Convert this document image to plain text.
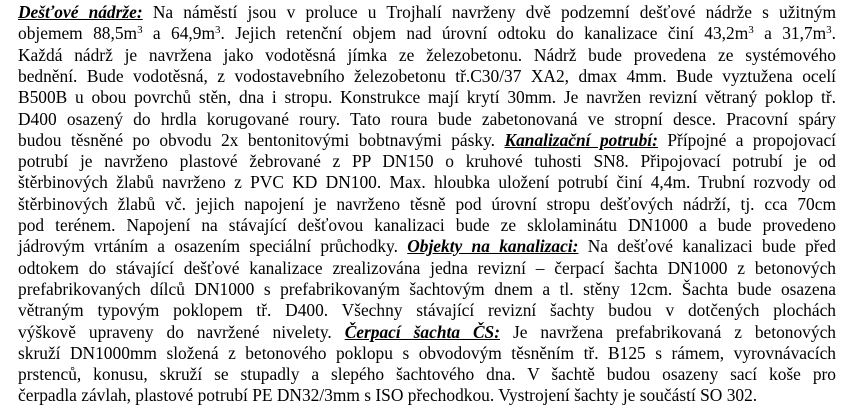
Dešťové nádrže: Na náměstí jsou v proluce u Trojhalí navrženy dvě podzemní dešťové nádrže s užitným
objemem $88,5m^3$ a $64,9m^3$. Jejich retenční objem nad úrovní odtoku do kanalizace činí $43,2m^3$ a $31,7m^3$.
Každá nádrž je navržena jako vodotěsná jímka ze železobetonu. Nádrž bude provedena ze systémového
bednění. Bude vodotěsná, z vodostavebního železobetonu tř.C30/37 XA2, dmax 4mm. Bude vyztužena ocelí
B500B u obou povrchů stěn, dna i stropu. Konstrukce mají krytí 30mm. Je navržen revizní větraný poklop tř.
D400 osazený do hrdla korugované roury. Tato roura bude zabetonovaná ve stropní desce. Pracovní spáry
budou těsněné po obvodu 2x bentonitovými bobtnavými pásky. Kanalizační potrubí: Přípojné a propojovací
potrubí je navrženo plastové žebrované z PP DN150 o kruhové tuhosti SN8. Připojovací potrubí je od
štěrbinových žlabů navrženo z PVC KD DN100. Max. hloubka uložení potrubí činí 4,4m. Trubní rozvody od
štěrbinových žlabů vč. jejich napojení je navrženo těsně pod úrovní stropu dešťových nádrží, tj. cca 70cm
pod terénem. Napojení na stávající dešťovou kanalizaci bude ze sklolaminátu DN1000 a bude provedeno
jádrovým vrtáním a osazením speciální průchodky. Objekty na kanalizaci: Na dešťové kanalizaci bude před
odtokem do stávající dešťové kanalizace zrealizována jedna revizní – čerpací šachta DN1000 z betonových
prefabrikovaných dílců DN1000 s prefabrikovaným šachtovým dnem a tl. stěny 12cm. Šachta bude osazena
větraným typovým poklopem tř. D400. Všechny stávající revizní šachty budou v dotčených plochách
výškově upraveny do navržené nivelety. Čerpací šachta ČS: Je navržena prefabrikovaná z betonových
skruží DN1000mm složená z betonového poklopu s obvodovým těsněním tř. B125 s rámem, vyrovnávacích
prstenců, konusu, skruží se stupadly a slepého šachtového dna. V šachtě budou osazeny sací koše pro
čerpadla závlah, plastové potrubí PE DN32/3mm s ISO přechodkou. Vystrojení šachty je součástí SO 302.
